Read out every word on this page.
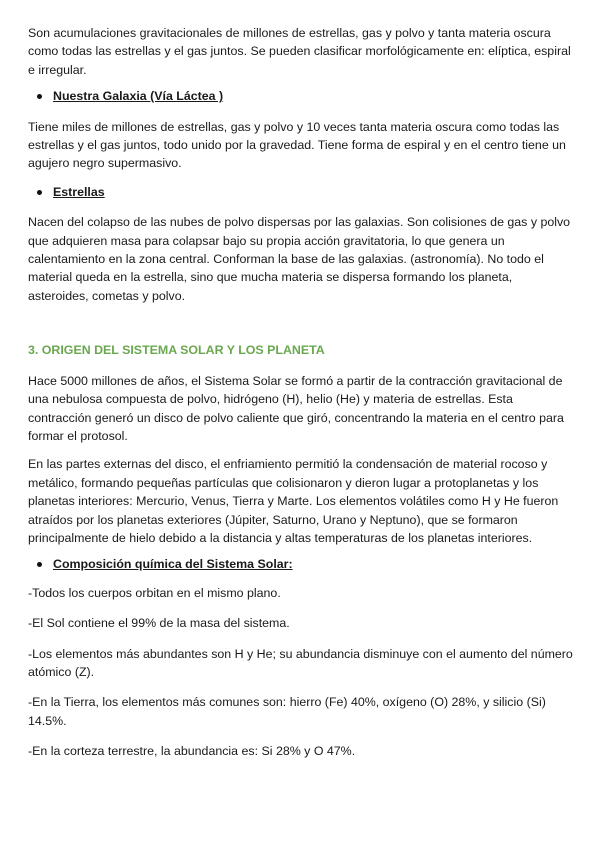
Son acumulaciones gravitacionales de millones de estrellas, gas y polvo y tanta materia oscura como todas las estrellas y el gas juntos. Se pueden clasificar morfológicamente en: elíptica, espiral e irregular.

Nuestra Galaxia (Vía Láctea )

Tiene miles de millones de estrellas, gas y polvo y 10 veces tanta materia oscura como todas las estrellas y el gas juntos, todo unido por la gravedad. Tiene forma de espiral y en el centro tiene un agujero negro supermasivo.

Estrellas

Nacen del colapso de las nubes de polvo dispersas por las galaxias. Son colisiones de gas y polvo que adquieren masa para colapsar bajo su propia acción gravitatoria, lo que genera un calentamiento en la zona central. Conforman la base de las galaxias. (astronomía). No todo el material queda en la estrella, sino que mucha materia se dispersa formando los planeta, asteroides, cometas y polvo.

3. ORIGEN DEL SISTEMA SOLAR Y LOS PLANETA

Hace 5000 millones de años, el Sistema Solar se formó a partir de la contracción gravitacional de una nebulosa compuesta de polvo, hidrógeno (H), helio (He) y materia de estrellas. Esta contracción generó un disco de polvo caliente que giró, concentrando la materia en el centro para formar el protosol.

En las partes externas del disco, el enfriamiento permitió la condensación de material rocoso y metálico, formando pequeñas partículas que colisionaron y dieron lugar a protoplanetas y los planetas interiores: Mercurio, Venus, Tierra y Marte. Los elementos volátiles como H y He fueron atraídos por los planetas exteriores (Júpiter, Saturno, Urano y Neptuno), que se formaron principalmente de hielo debido a la distancia y altas temperaturas de los planetas interiores.

Composición química del Sistema Solar:

-Todos los cuerpos orbitan en el mismo plano.

-El Sol contiene el 99% de la masa del sistema.

-Los elementos más abundantes son H y He; su abundancia disminuye con el aumento del número atómico (Z).

-En la Tierra, los elementos más comunes son: hierro (Fe) 40%, oxígeno (O) 28%, y silicio (Si) 14.5%.

-En la corteza terrestre, la abundancia es: Si 28% y O 47%.
